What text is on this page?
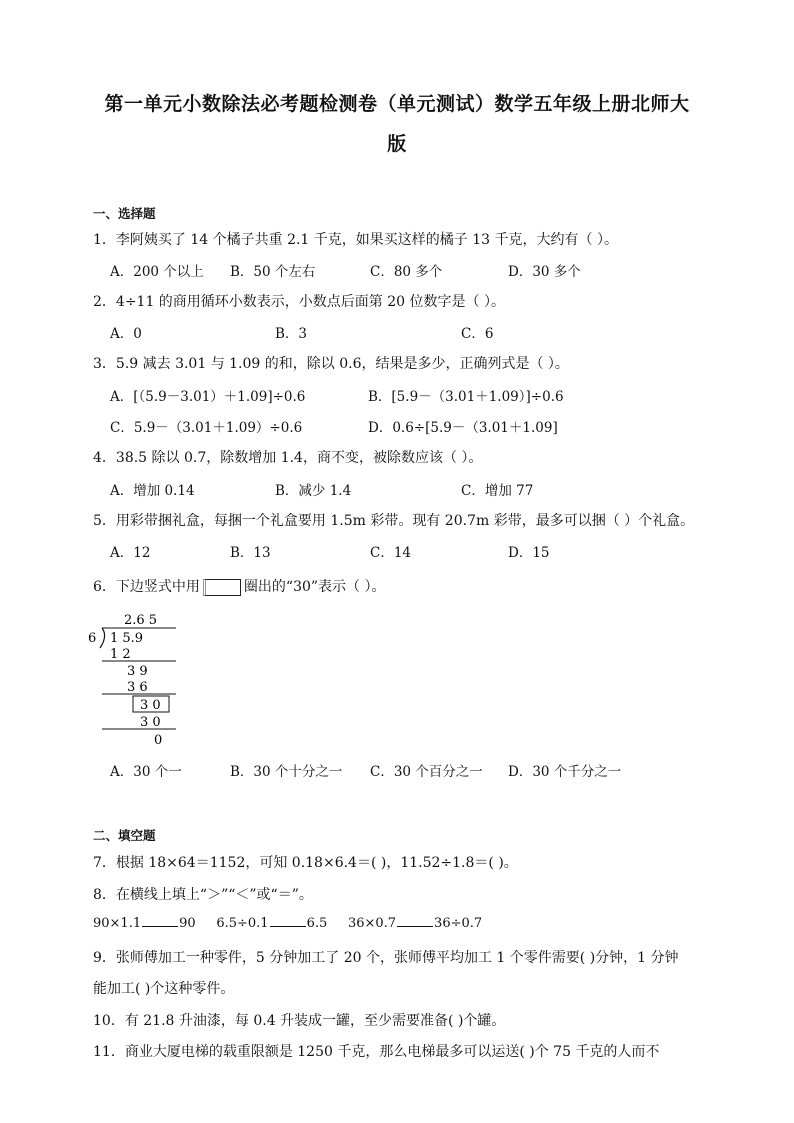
第一单元小数除法必考题检测卷（单元测试）数学五年级上册北师大
版
一、选择题
1．李阿姨买了 14 个橘子共重 2.1 千克，如果买这样的橘子 13 千克，大约有（ ）。
A．200 个以上 B．50 个左右	C．80 多个	D．30 多个
2．4÷11 的商用循环小数表示，小数点后面第 20 位数字是（ ）。
A．0	B．3	C．6
3．5.9 减去 3.01 与 1.09 的和，除以 0.6，结果是多少，正确列式是（ ）。
A．[（5.9－3.01）＋1.09]÷0.6	B．[5.9－（3.01＋1.09）]÷0.6
C．5.9－（3.01＋1.09）÷0.6	D．0.6÷[5.9－（3.01＋1.09]
4．38.5 除以 0.7，除数增加 1.4，商不变，被除数应该（ ）。
A．增加 0.14	B．减少 1.4	C．增加 77
5．用彩带捆礼盒，每捆一个礼盒要用 1.5m 彩带。现有 20.7m 彩带，最多可以捆（ ）个礼盒。
A．12	B．13	C．14	D．15
6．下边竖式中用	圈出的“30”表示（ ）。
2.6 5
6 1 5.9
1 2
3 9
3 6
3 0
3 0
0
A．30 个一	B．30 个十分之一 C．30 个百分之一 D．30 个千分之一
二、填空题
7．根据 18×64＝1152，可知 0.18×6.4＝( )，11.52÷1.8＝( )。
8．在横线上填上“＞”“＜”或“＝”。
90×1.1	90 6.5÷0.1	6.5 36×0.7	36÷0.7
9．张师傅加工一种零件，5 分钟加工了 20 个，张师傅平均加工 1 个零件需要( )分钟，1 分钟
能加工( )个这种零件。
10．有 21.8 升油漆，每 0.4 升装成一罐，至少需要准备( )个罐。
11．商业大厦电梯的载重限额是 1250 千克，那么电梯最多可以运送( )个 75 千克的人而不
